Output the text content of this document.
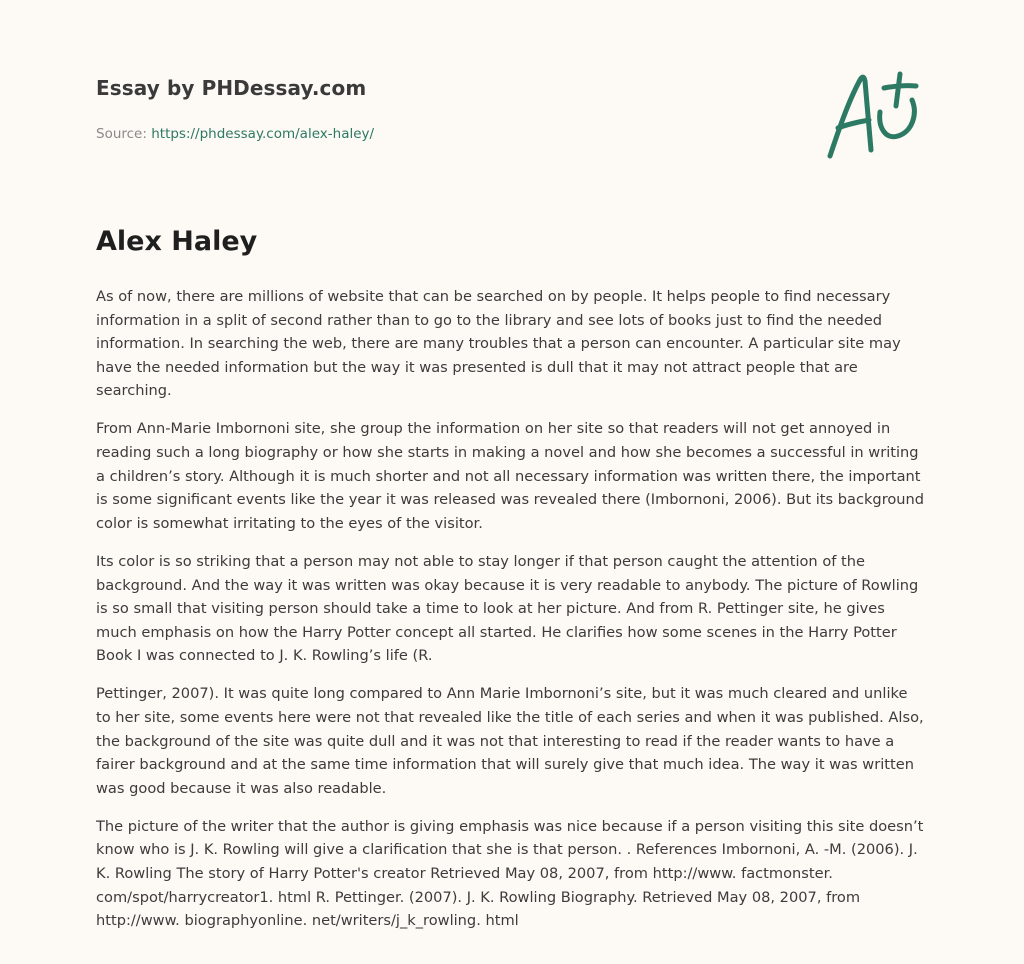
Essay by PHDessay.com
Source: https://phdessay.com/alex-haley/
Alex Haley

As of now, there are millions of website that can be searched on by people. It helps people to find necessary information in a split of second rather than to go to the library and see lots of books just to find the needed information. In searching the web, there are many troubles that a person can encounter. A particular site may have the needed information but the way it was presented is dull that it may not attract people that are searching.

From Ann-Marie Imbornoni site, she group the information on her site so that readers will not get annoyed in reading such a long biography or how she starts in making a novel and how she becomes a successful in writing a children’s story. Although it is much shorter and not all necessary information was written there, the important is some significant events like the year it was released was revealed there (Imbornoni, 2006). But its background color is somewhat irritating to the eyes of the visitor.

Its color is so striking that a person may not able to stay longer if that person caught the attention of the background. And the way it was written was okay because it is very readable to anybody. The picture of Rowling is so small that visiting person should take a time to look at her picture. And from R. Pettinger site, he gives much emphasis on how the Harry Potter concept all started. He clarifies how some scenes in the Harry Potter Book I was connected to J. K. Rowling’s life (R.

Pettinger, 2007). It was quite long compared to Ann Marie Imbornoni’s site, but it was much cleared and unlike to her site, some events here were not that revealed like the title of each series and when it was published. Also, the background of the site was quite dull and it was not that interesting to read if the reader wants to have a fairer background and at the same time information that will surely give that much idea. The way it was written was good because it was also readable.

The picture of the writer that the author is giving emphasis was nice because if a person visiting this site doesn’t know who is J. K. Rowling will give a clarification that she is that person. . References Imbornoni, A. -M. (2006). J. K. Rowling The story of Harry Potter's creator Retrieved May 08, 2007, from http://www. factmonster. com/spot/harrycreator1. html R. Pettinger. (2007). J. K. Rowling Biography. Retrieved May 08, 2007, from http://www. biographyonline. net/writers/j_k_rowling. html
